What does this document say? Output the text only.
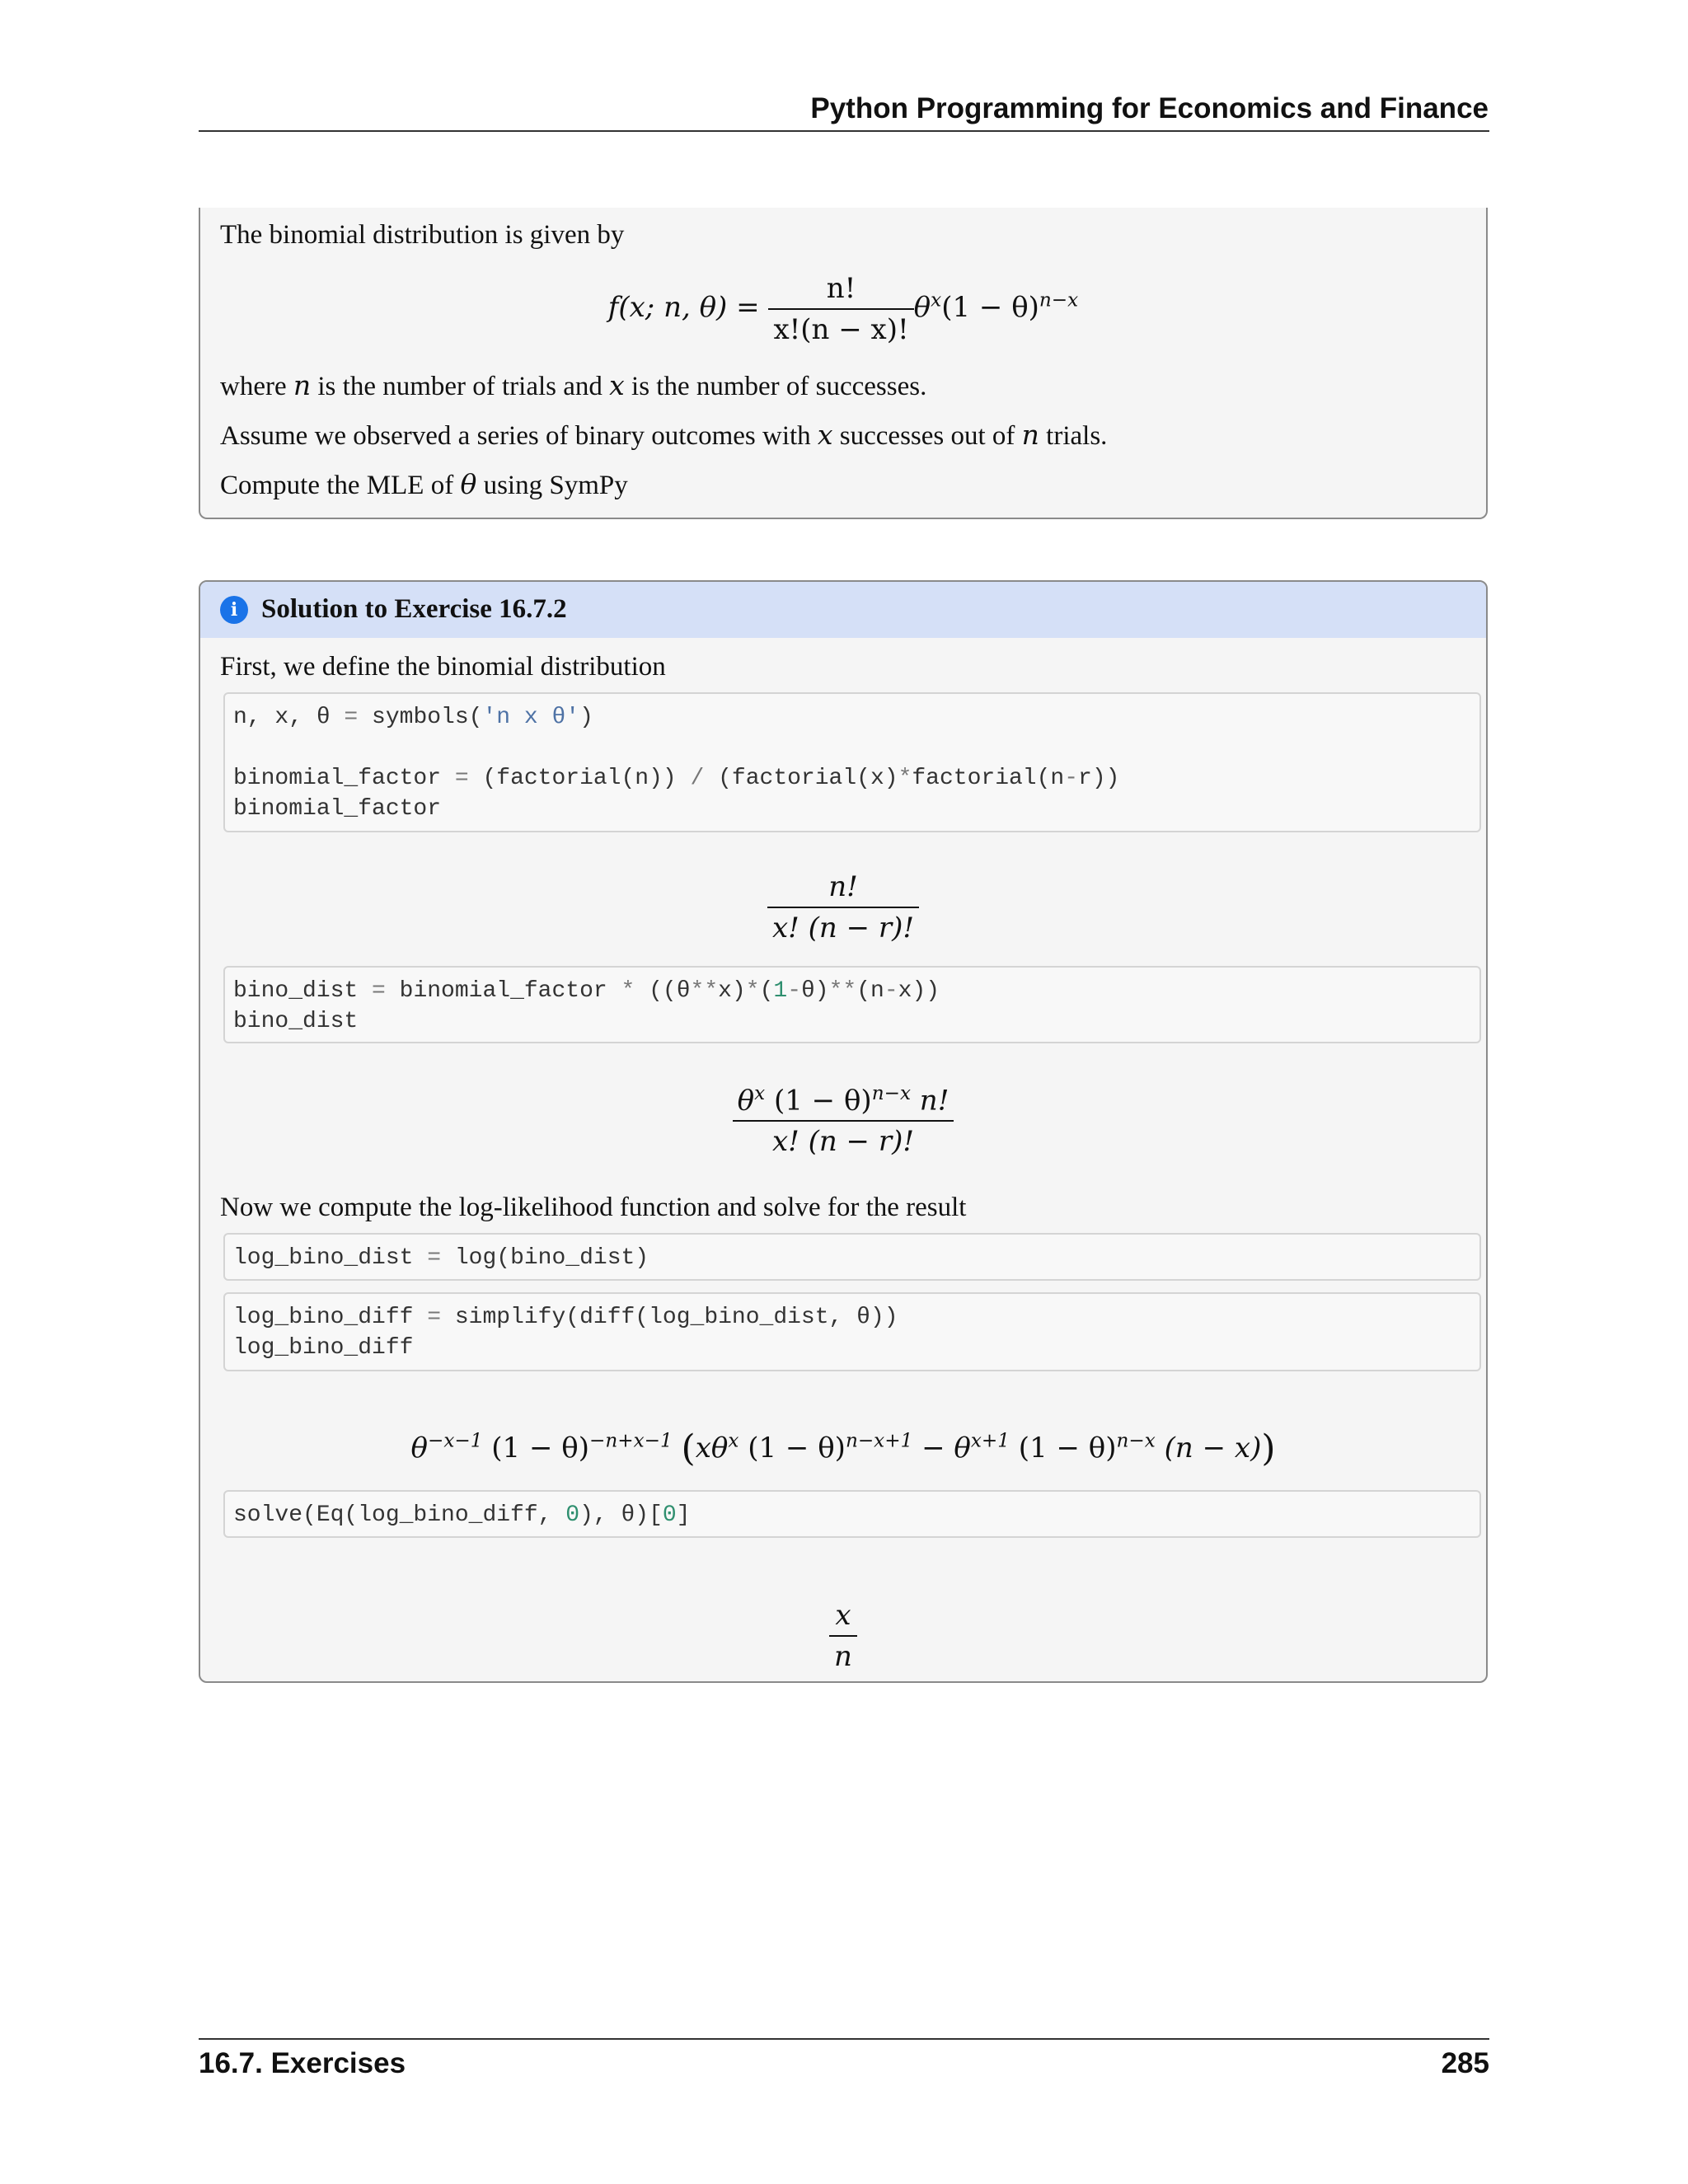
Python Programming for Economics and Finance
The binomial distribution is given by
f(x; n, $\theta) = \frac{n!}{x!(n - x)!} \theta^x(1 - \theta)^{n-x}$
where n is the number of trials and x is the number of successes.
Assume we observed a series of binary outcomes with x successes out of n trials.
Compute the MLE of θ using SymPy
i Solution to Exercise 16.7.2
First, we define the binomial distribution
n, x, θ = symbols('n x θ')

binomial_factor = (factorial(n)) / (factorial(x)*factorial(n-r))
binomial_factor
$\frac{n!}{x! (n - r)!}$
bino_dist = binomial_factor * ((θ**x)*(1-θ)**(n-x))
bino_dist
$\frac{\theta^x (1 - \theta)^{n-x} n!}{x! (n - r)!}$
Now we compute the log-likelihood function and solve for the result
log_bino_dist = log(bino_dist)
log_bino_diff = simplify(diff(log_bino_dist, θ))
log_bino_diff
$\theta^{-x-1}$ $(1 - \theta)^{-n+x-1}$ ($x\theta^x$ $(1 - \theta)^{n-x+1} - \theta^{x+1}$ $(1 - \theta)^{n-x}$ (n − x))
solve(Eq(log_bino_diff, 0), θ)[0]
$\frac{x}{n}$
16.7. Exercises	285
